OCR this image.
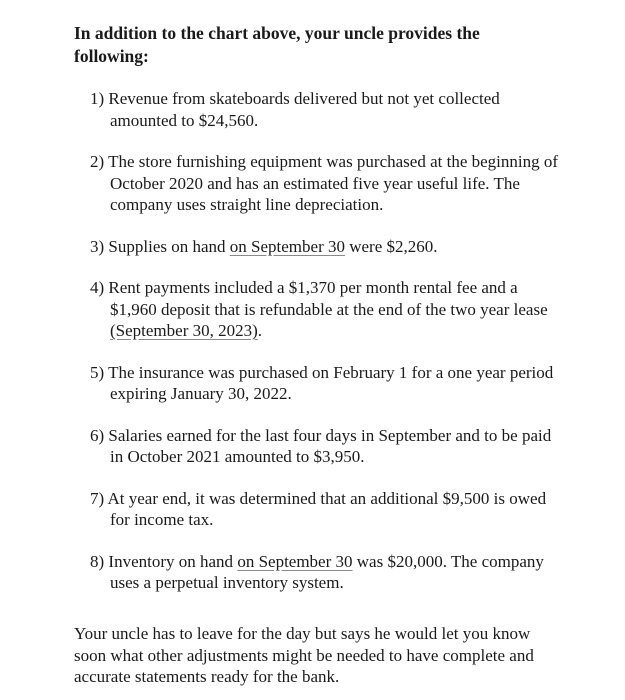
In addition to the chart above, your uncle provides the following:

1) Revenue from skateboards delivered but not yet collected amounted to $24,560.
2) The store furnishing equipment was purchased at the beginning of October 2020 and has an estimated five year useful life. The company uses straight line depreciation.
3) Supplies on hand on September 30 were $2,260.
4) Rent payments included a $1,370 per month rental fee and a $1,960 deposit that is refundable at the end of the two year lease (September 30, 2023).
5) The insurance was purchased on February 1 for a one year period expiring January 30, 2022.
6) Salaries earned for the last four days in September and to be paid in October 2021 amounted to $3,950.
7) At year end, it was determined that an additional $9,500 is owed for income tax.
8) Inventory on hand on September 30 was $20,000. The company uses a perpetual inventory system.

Your uncle has to leave for the day but says he would let you know soon what other adjustments might be needed to have complete and accurate statements ready for the bank.
